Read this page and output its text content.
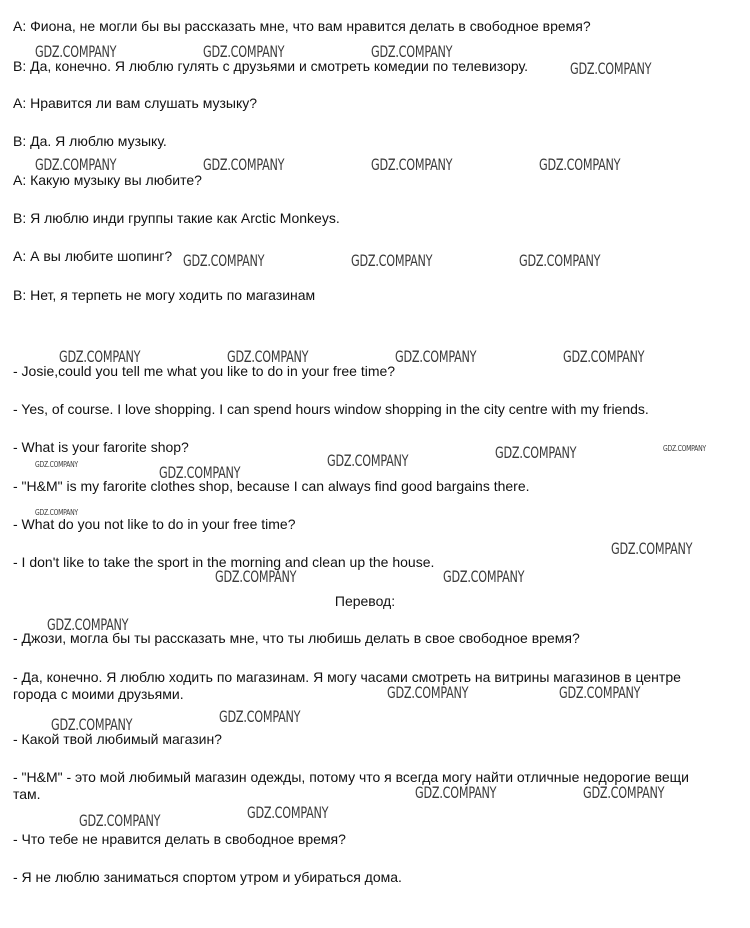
A: Фиона, не могли бы вы рассказать мне, что вам нравится делать в свободное время?
B: Да, конечно. Я люблю гулять с друзьями и смотреть комедии по телевизору.
A: Нравится ли вам слушать музыку?
B: Да. Я люблю музыку.
A: Какую музыку вы любите?
B: Я люблю инди группы такие как Arctic Monkeys.
A: А вы любите шопинг?
B: Нет, я терпеть не могу ходить по магазинам
- Josie,could you tell me what you like to do in your free time?
- Yes, of course. I love shopping. I can spend hours window shopping in the city centre with my friends.
- What is your farorite shop?
- "H&M" is my farorite clothes shop, because I can always find good bargains there.
- What do you not like to do in your free time?
- I don't like to take the sport in the morning and clean up the house.
Перевод:
- Джози, могла бы ты рассказать мне, что ты любишь делать в свое свободное время?
- Да, конечно. Я люблю ходить по магазинам. Я могу часами смотреть на витрины магазинов в центре города с моими друзьями.
- Какой твой любимый магазин?
- "H&M" - это мой любимый магазин одежды, потому что я всегда могу найти отличные недорогие вещи там.
- Что тебе не нравится делать в свободное время?
- Я не люблю заниматься спортом утром и убираться дома.
GDZ.COMPANY	GDZ.COMPANY	GDZ.COMPANY
GDZ.COMPANY
GDZ.COMPANY	GDZ.COMPANY	GDZ.COMPANY	GDZ.COMPANY
GDZ.COMPANY	GDZ.COMPANY	GDZ.COMPANY
GDZ.COMPANY	GDZ.COMPANY	GDZ.COMPANY	GDZ.COMPANY
GDZ.COMPANY
GDZ.COMPANY
GDZ.COMPANY
GDZ.COMPANY
GDZ.COMPANY
GDZ.COMPANY
GDZ.COMPANY
GDZ.COMPANY	GDZ.COMPANY
GDZ.COMPANY
GDZ.COMPANY	GDZ.COMPANY
GDZ.COMPANY
GDZ.COMPANY
GDZ.COMPANY	GDZ.COMPANY
GDZ.COMPANY
GDZ.COMPANY
